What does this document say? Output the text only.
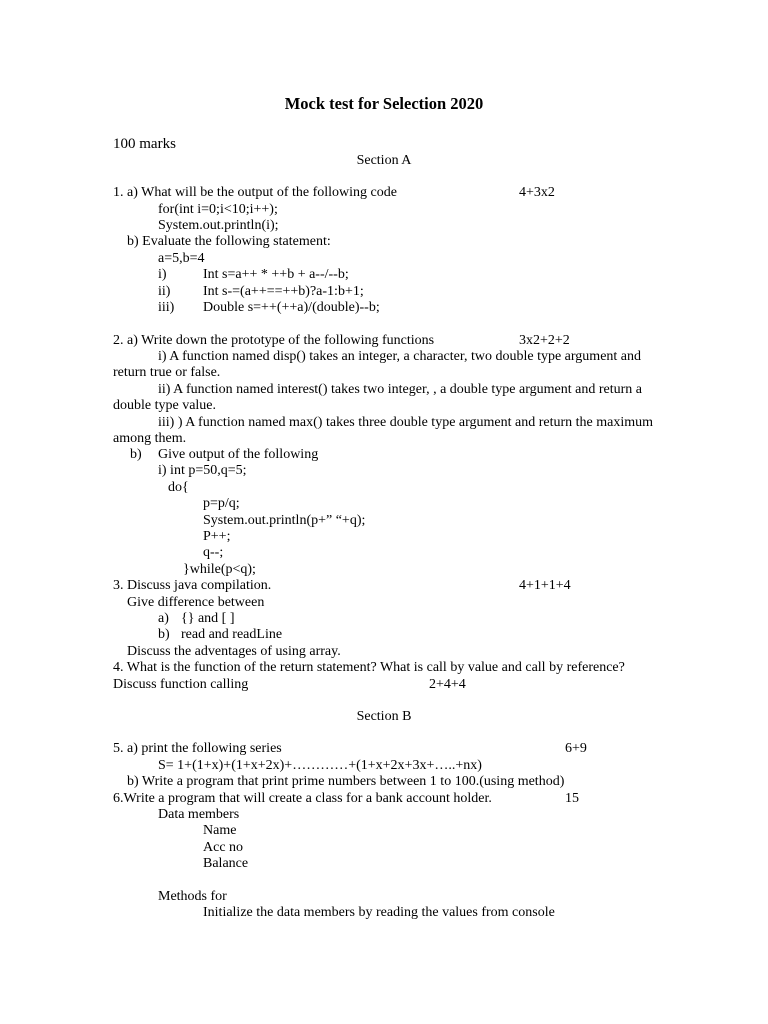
Mock test for Selection 2020
100 marks
Section A
1. a) What will be the output of the following code	4+3x2
for(int i=0;i<10;i++);
System.out.println(i);
b) Evaluate the following statement:
a=5,b=4
i)	Int s=a++ * ++b + a--/--b;
ii) Int s-=(a++==++b)?a-1:b+1;
iii) Double s=++(++a)/(double)--b;
2. a) Write down the prototype of the following functions	3x2+2+2
i) A function named disp() takes an integer, a character, two double type argument and
return true or false.
ii) A function named interest() takes two integer, , a double type argument and return a
double type value.
iii) ) A function named max() takes three double type argument and return the maximum
among them.
b) Give output of the following
i) int p=50,q=5;
do{
p=p/q;
System.out.println(p+” “+q);
P++;
q--;
}while(p<q);
3. Discuss java compilation.	4+1+1+4
Give difference between
a) {} and [ ]
b) read and readLine
Discuss the adventages of using array.
4. What is the function of the return statement? What is call by value and call by reference?
Discuss function calling	2+4+4
Section B
5. a) print the following series	6+9
S= 1+(1+x)+(1+x+2x)+…………+(1+x+2x+3x+…..+nx)
b) Write a program that print prime numbers between 1 to 100.(using method)
6.Write a program that will create a class for a bank account holder.	15
Data members
Name
Acc no
Balance
Methods for
Initialize the data members by reading the values from console
